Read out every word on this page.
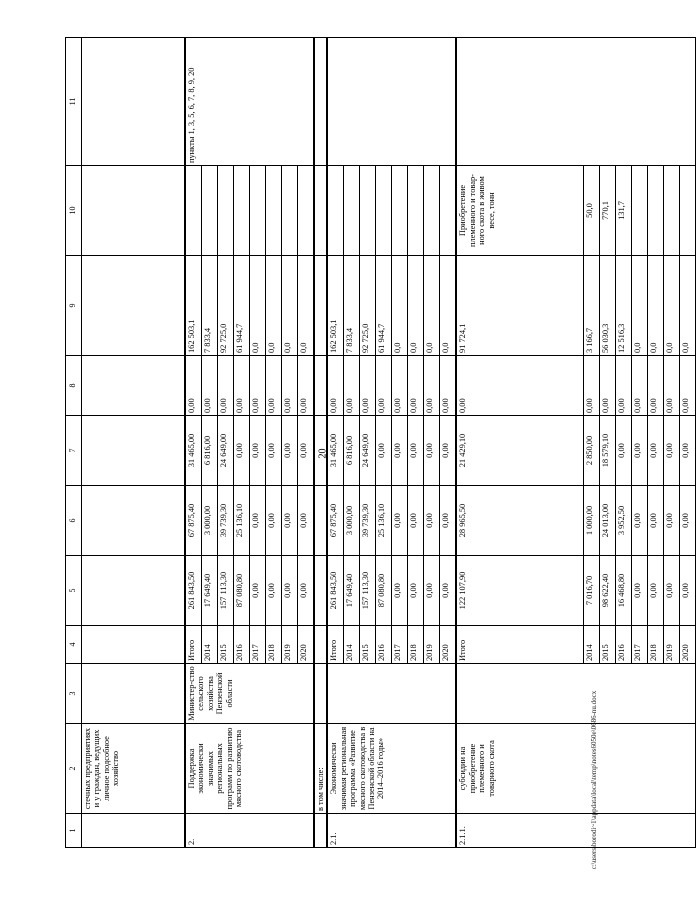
20
c:\users\borodi~1\appdata\local\temp\notes6050e\0686-nu.docx
1	2	3	4	5	6	7	8	9	10	11
	стечных предприятиях и у граждан, ведущих личное подсобное хозяйство									
2.	Поддержка экономически значимых региональных программ по развитию мясного скотоводства	Министер-ство сельского хозяйства Пензенской области	Итого	261 843,50	67 875,40	31 465,00	0,00	162 503,1		пункты 1, 3, 5, 6, 7, 8, 9, 20
			2014	17 649,40	3 000,00	6 816,00	0,00	7 833,4		
			2015	157 113,30	39 739,30	24 649,00	0,00	92 725,0		
			2016	87 080,80	25 136,10	0,00	0,00	61 944,7		
			2017	0,00	0,00	0,00	0,00	0,0		
			2018	0,00	0,00	0,00	0,00	0,0		
			2019	0,00	0,00	0,00	0,00	0,0		
			2020	0,00	0,00	0,00	0,00	0,0		
	в том числе:									
2.1.	Экономически значимая региональная программа «Развитие мясного скотоводства в Пензенской области на 2014–2016 годы»		Итого	261 843,50	67 875,40	31 465,00	0,00	162 503,1		
			2014	17 649,40	3 000,00	6 816,00	0,00	7 833,4		
			2015	157 113,30	39 739,30	24 649,00	0,00	92 725,0		
			2016	87 080,80	25 136,10	0,00	0,00	61 944,7		
			2017	0,00	0,00	0,00	0,00	0,0		
			2018	0,00	0,00	0,00	0,00	0,0		
			2019	0,00	0,00	0,00	0,00	0,0		
			2020	0,00	0,00	0,00	0,00	0,0		
2.1.1.	субсидии на приобретение племенного и товарного скота		Итого	122 107,90	28 965,50	21 429,10	0,00	91 724,1	Приобретение племенного и товар-ного скота в живом весе, тонн	
			2014	7 016,70	1 000,00	2 850,00	0,00	3 166,7	50,0	
			2015	98 622,40	24 013,00	18 579,10	0,00	56 030,3	770,1	
			2016	16 468,80	3 952,50	0,00	0,00	12 516,3	131,7	
			2017	0,00	0,00	0,00	0,00	0,0		
			2018	0,00	0,00	0,00	0,00	0,0		
			2019	0,00	0,00	0,00	0,00	0,0		
			2020	0,00	0,00	0,00	0,00	0,0		
